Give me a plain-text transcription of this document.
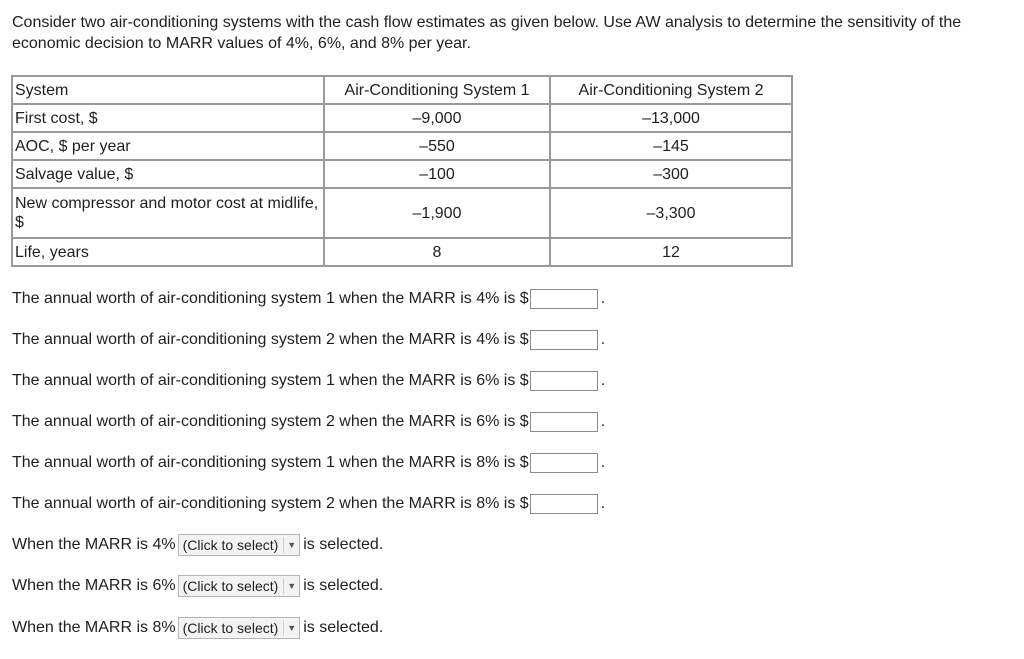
Consider two air-conditioning systems with the cash flow estimates as given below. Use AW analysis to determine the sensitivity of the economic decision to MARR values of 4%, 6%, and 8% per year.
System	Air-Conditioning System 1	Air-Conditioning System 2
First cost, $	–9,000	–13,000
AOC, $ per year	–550	–145
Salvage value, $	–100	–300
New compressor and motor cost at midlife, $	–1,900	–3,300
Life, years	8	12
The annual worth of air-conditioning system 1 when the MARR is 4% is $	.
The annual worth of air-conditioning system 2 when the MARR is 4% is $	.
The annual worth of air-conditioning system 1 when the MARR is 6% is $	.
The annual worth of air-conditioning system 2 when the MARR is 6% is $	.
The annual worth of air-conditioning system 1 when the MARR is 8% is $	.
The annual worth of air-conditioning system 2 when the MARR is 8% is $	.
When the MARR is 4% (Click to select)	▼ is selected.
When the MARR is 6% (Click to select)	▼ is selected.
When the MARR is 8% (Click to select)	▼ is selected.
